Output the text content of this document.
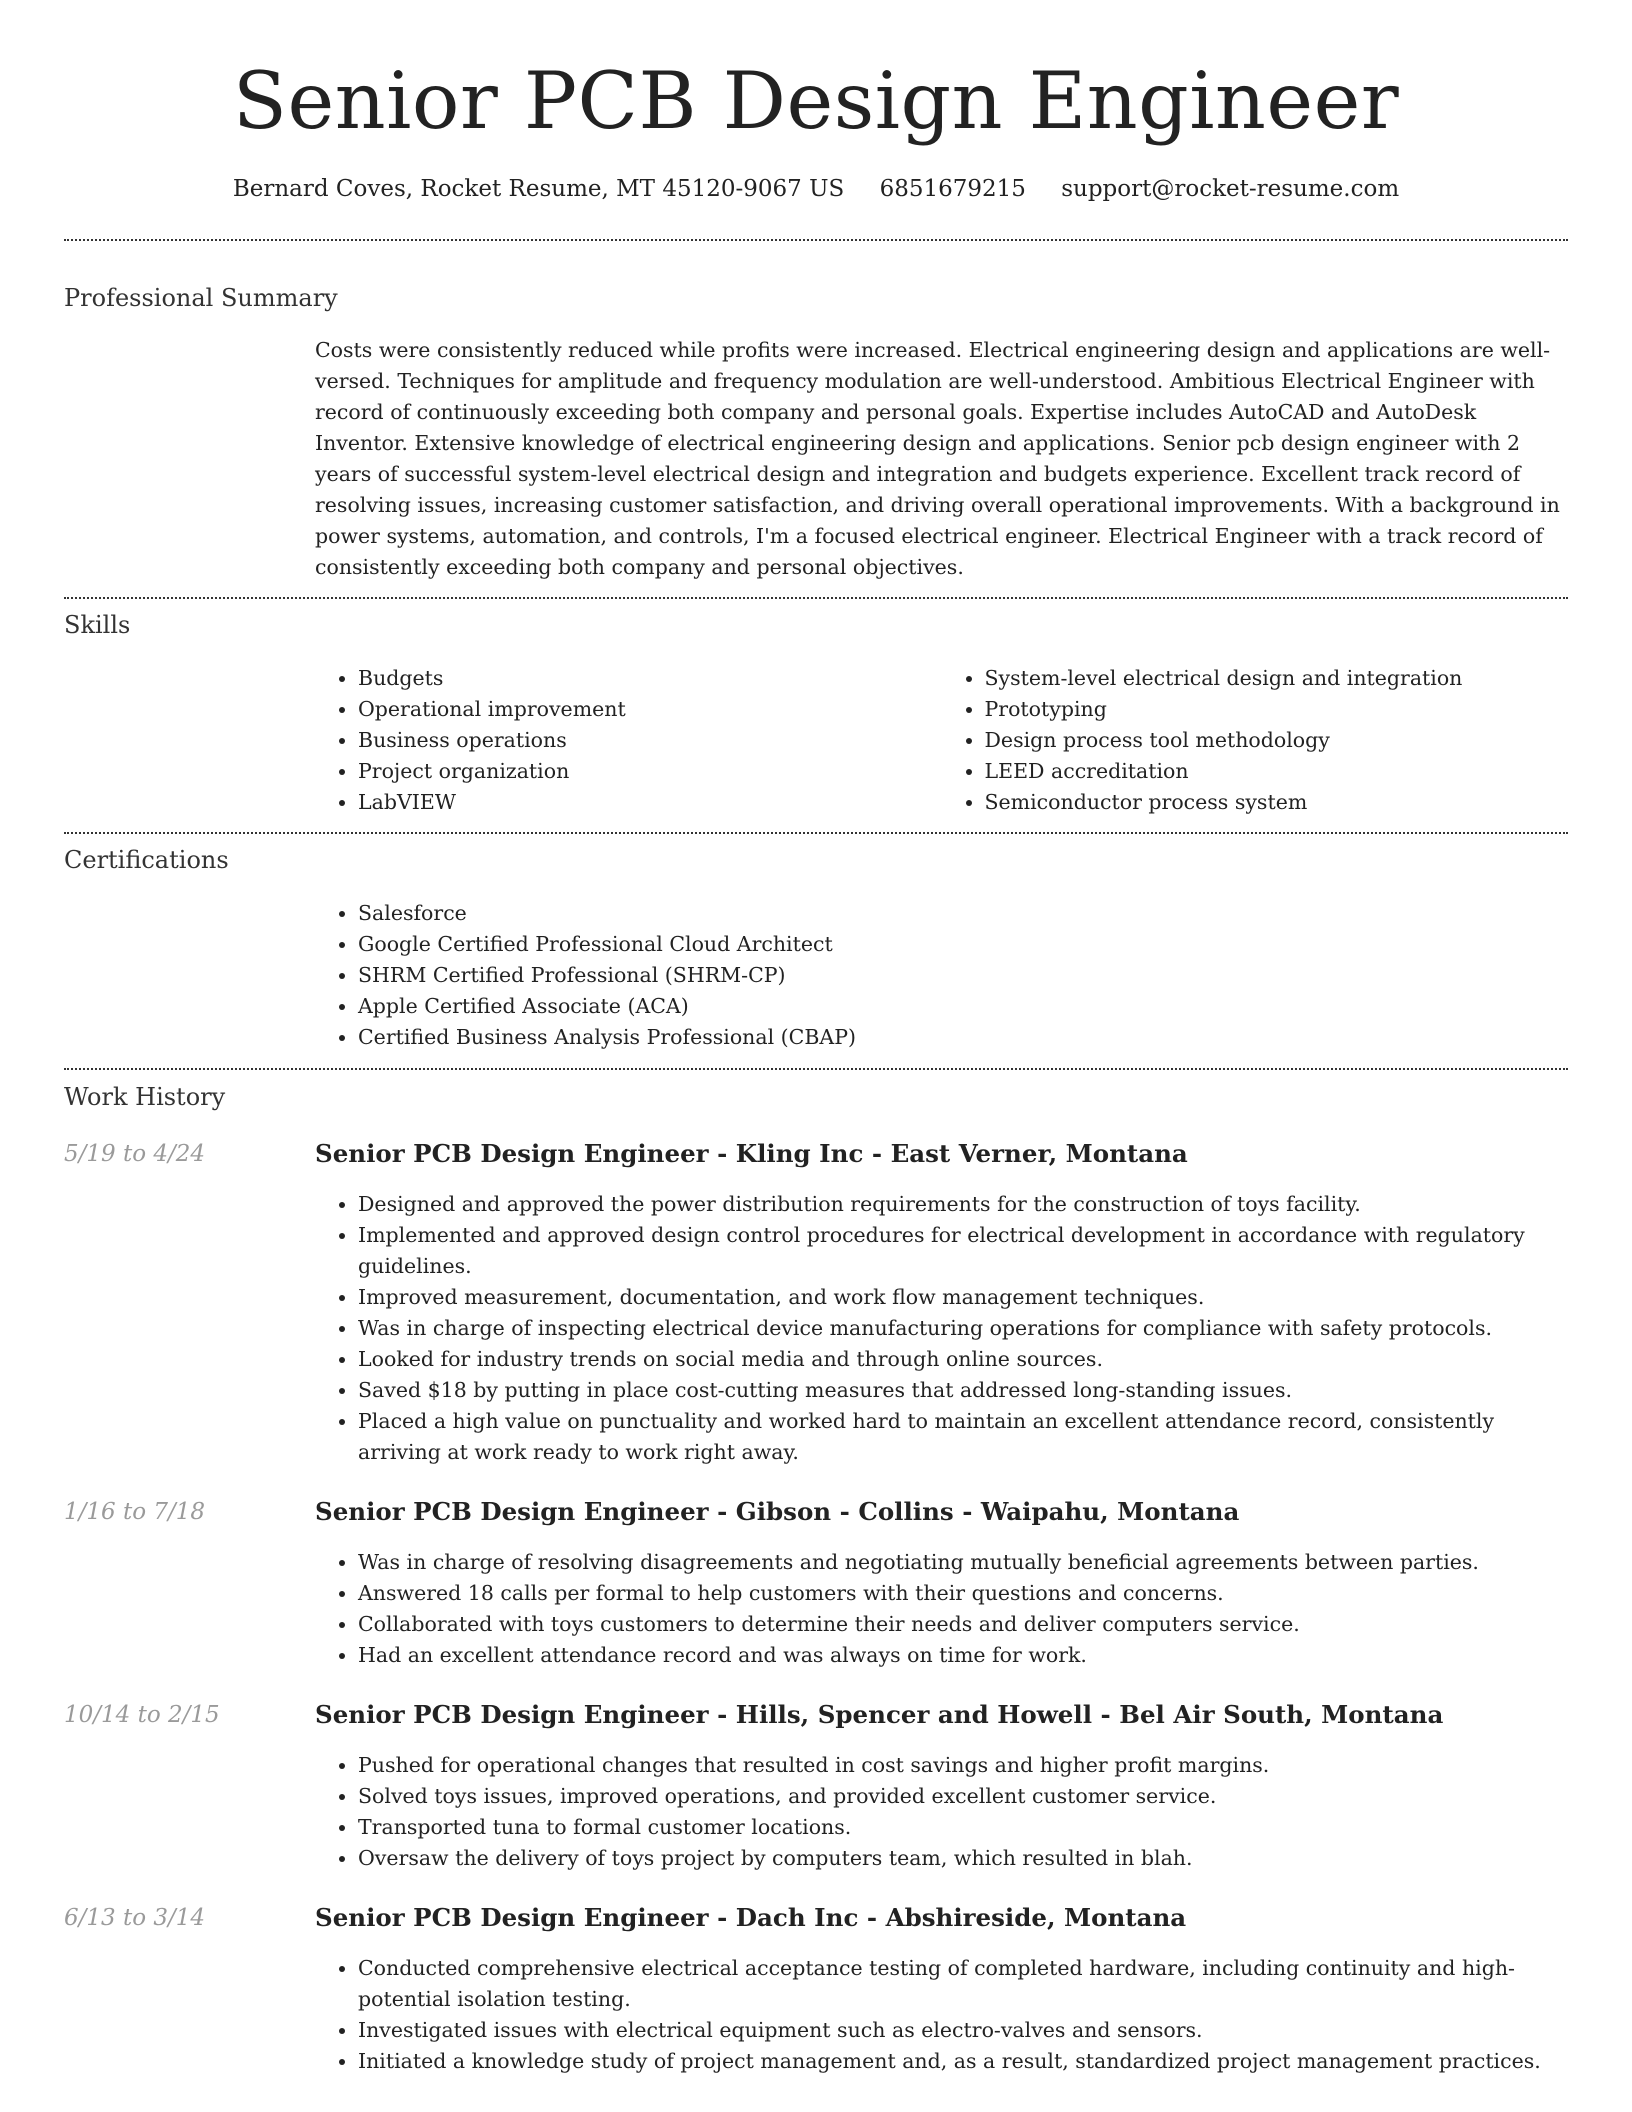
Senior PCB Design Engineer
Bernard Coves, Rocket Resume, MT 45120-9067 US 6851679215 support@rocket-resume.com
Professional Summary

Costs were consistently reduced while profits were increased. Electrical engineering design and applications are well-versed. Techniques for amplitude and frequency modulation are well-understood. Ambitious Electrical Engineer with record of continuously exceeding both company and personal goals. Expertise includes AutoCAD and AutoDesk Inventor. Extensive knowledge of electrical engineering design and applications. Senior pcb design engineer with 2 years of successful system-level electrical design and integration and budgets experience. Excellent track record of resolving issues, increasing customer satisfaction, and driving overall operational improvements. With a background in power systems, automation, and controls, I'm a focused electrical engineer. Electrical Engineer with a track record of consistently exceeding both company and personal objectives.

Skills
• Budgets
• Operational improvement
• Business operations
• Project organization
• LabVIEW
• System-level electrical design and integration
• Prototyping
• Design process tool methodology
• LEED accreditation
• Semiconductor process system
Certifications
• Salesforce
• Google Certified Professional Cloud Architect
• SHRM Certified Professional (SHRM-CP)
• Apple Certified Associate (ACA)
• Certified Business Analysis Professional (CBAP)
Work History
5/19 to 4/24	Senior PCB Design Engineer - Kling Inc - East Verner, Montana
• Designed and approved the power distribution requirements for the construction of toys facility.
• Implemented and approved design control procedures for electrical development in accordance with regulatory guidelines.
• Improved measurement, documentation, and work flow management techniques.
• Was in charge of inspecting electrical device manufacturing operations for compliance with safety protocols.
• Looked for industry trends on social media and through online sources.
• Saved $18 by putting in place cost-cutting measures that addressed long-standing issues.
• Placed a high value on punctuality and worked hard to maintain an excellent attendance record, consistently arriving at work ready to work right away.
1/16 to 7/18	Senior PCB Design Engineer - Gibson - Collins - Waipahu, Montana
• Was in charge of resolving disagreements and negotiating mutually beneficial agreements between parties.
• Answered 18 calls per formal to help customers with their questions and concerns.
• Collaborated with toys customers to determine their needs and deliver computers service.
• Had an excellent attendance record and was always on time for work.
10/14 to 2/15	Senior PCB Design Engineer - Hills, Spencer and Howell - Bel Air South, Montana
• Pushed for operational changes that resulted in cost savings and higher profit margins.
• Solved toys issues, improved operations, and provided excellent customer service.
• Transported tuna to formal customer locations.
• Oversaw the delivery of toys project by computers team, which resulted in blah.
6/13 to 3/14	Senior PCB Design Engineer - Dach Inc - Abshireside, Montana
• Conducted comprehensive electrical acceptance testing of completed hardware, including continuity and high-potential isolation testing.
• Investigated issues with electrical equipment such as electro-valves and sensors.
• Initiated a knowledge study of project management and, as a result, standardized project management practices.
